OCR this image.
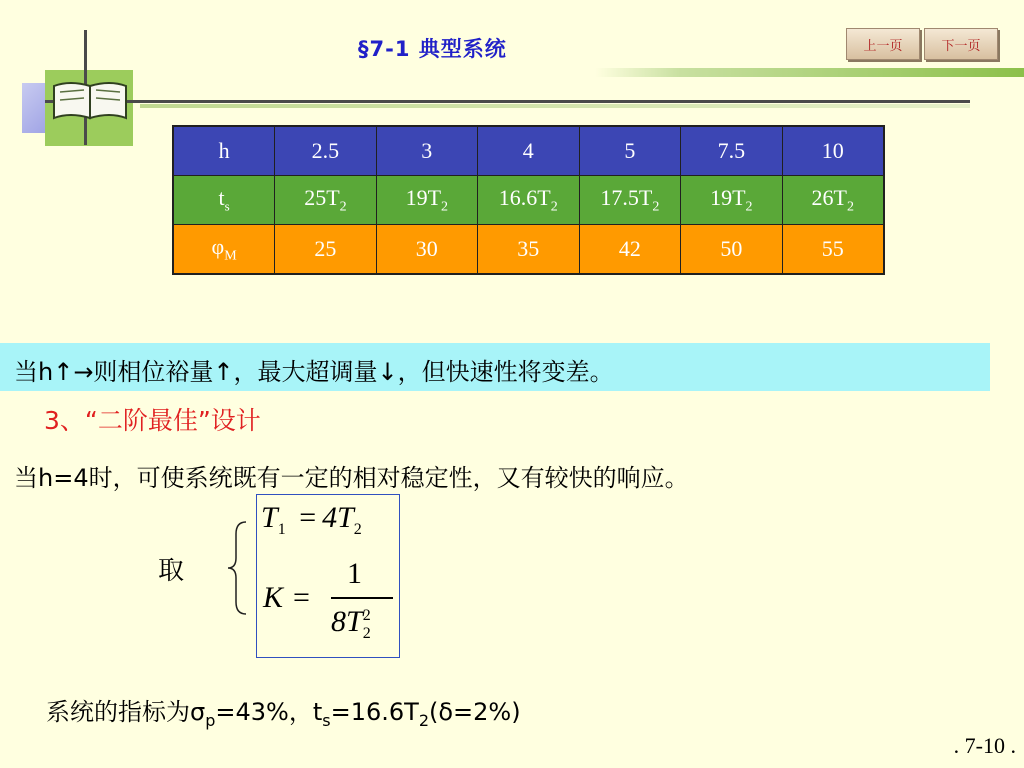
§7-1 典型系统	上一页	下一页
h	2.5	3	4	5	7.5	10
$t_s$	$25T_2$	$19T_2$	$16.6T_2$	$17.5T_2$	$19T_2$	$26T_2$
$\varphi_M$	25	30	35	42	50	55
当h↑→则相位裕量↑，最大超调量↓，但快速性将变差。
3、“二阶最佳”设计
当h=4时，可使系统既有一定的相对稳定性，又有较快的响应。
取
$T_1 = 4T_2$
K =
1
$8T_2^2$
系统的指标为$\sigma_p=43\%$，$t_s=16.6T_2(\delta=2\%)$
. 7-10 .
